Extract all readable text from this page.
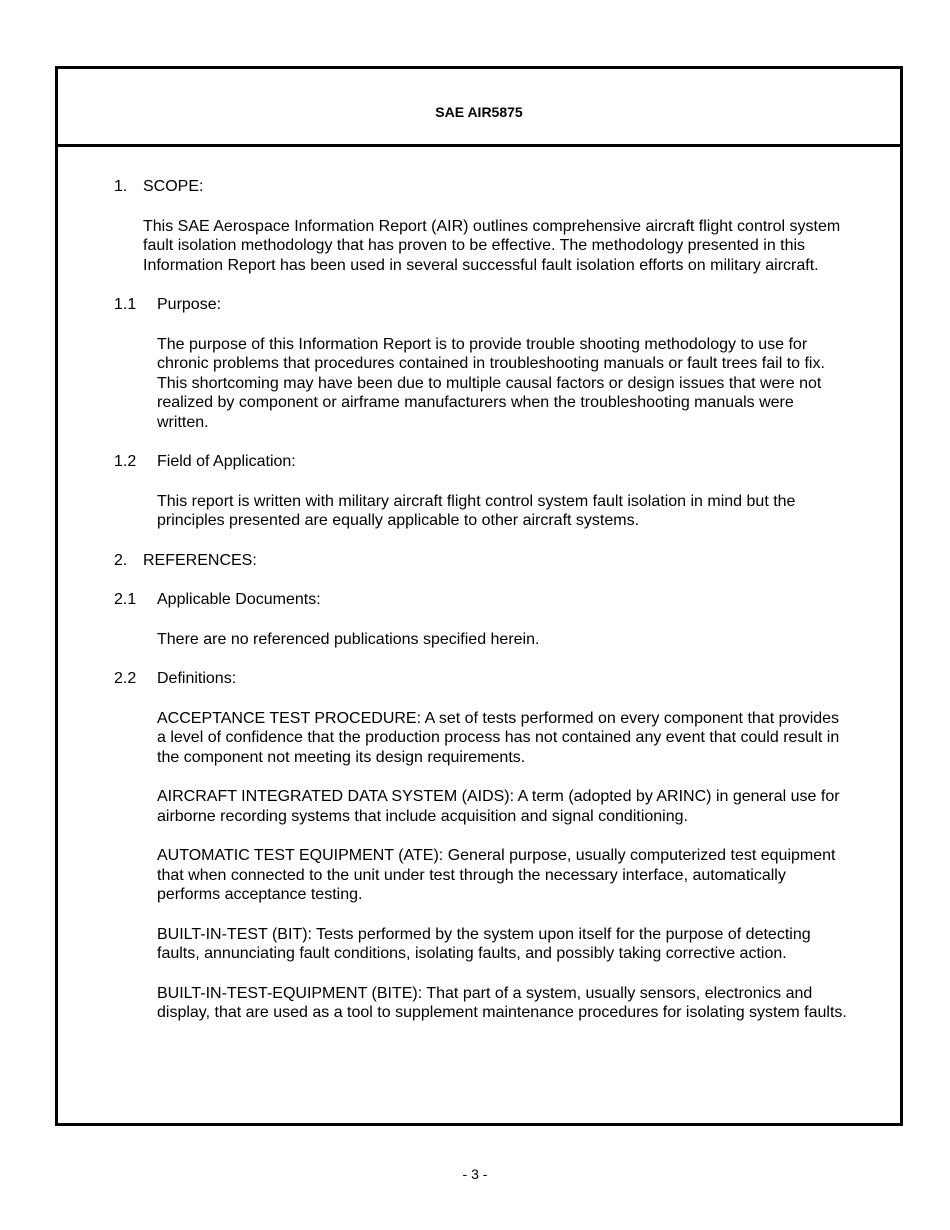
SAE AIR5875
1. SCOPE:
This SAE Aerospace Information Report (AIR) outlines comprehensive aircraft flight control system fault isolation methodology that has proven to be effective. The methodology presented in this Information Report has been used in several successful fault isolation efforts on military aircraft.
1.1	Purpose:
The purpose of this Information Report is to provide trouble shooting methodology to use for chronic problems that procedures contained in troubleshooting manuals or fault trees fail to fix. This shortcoming may have been due to multiple causal factors or design issues that were not realized by component or airframe manufacturers when the troubleshooting manuals were written.
1.2	Field of Application:
This report is written with military aircraft flight control system fault isolation in mind but the principles presented are equally applicable to other aircraft systems.
2. REFERENCES:
2.1	Applicable Documents:
There are no referenced publications specified herein.
2.2	Definitions:
ACCEPTANCE TEST PROCEDURE: A set of tests performed on every component that provides a level of confidence that the production process has not contained any event that could result in the component not meeting its design requirements.
AIRCRAFT INTEGRATED DATA SYSTEM (AIDS): A term (adopted by ARINC) in general use for airborne recording systems that include acquisition and signal conditioning.
AUTOMATIC TEST EQUIPMENT (ATE): General purpose, usually computerized test equipment that when connected to the unit under test through the necessary interface, automatically performs acceptance testing.
BUILT-IN-TEST (BIT): Tests performed by the system upon itself for the purpose of detecting faults, annunciating fault conditions, isolating faults, and possibly taking corrective action.
BUILT-IN-TEST-EQUIPMENT (BITE): That part of a system, usually sensors, electronics and display, that are used as a tool to supplement maintenance procedures for isolating system faults.
- 3 -
